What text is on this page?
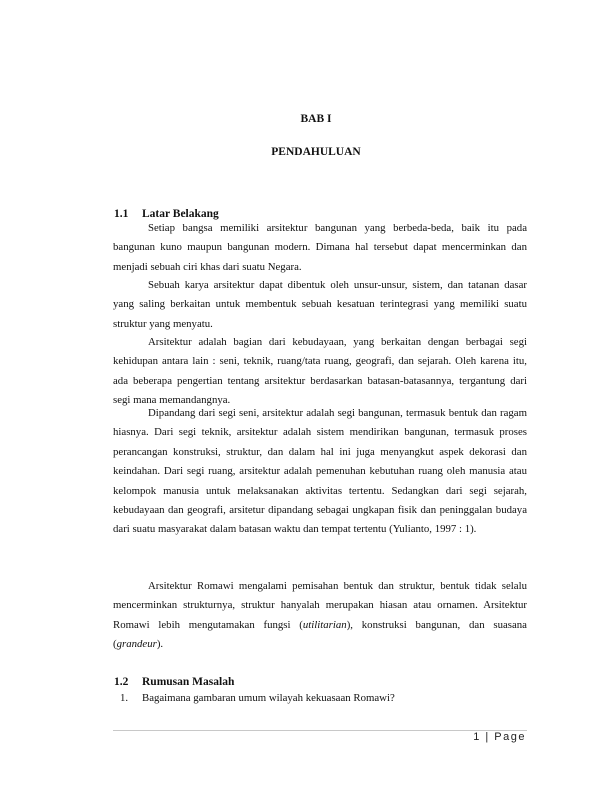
BAB I
PENDAHULUAN
1.1 Latar Belakang

Setiap bangsa memiliki arsitektur bangunan yang berbeda-beda, baik itu pada bangunan kuno maupun bangunan modern. Dimana hal tersebut dapat mencerminkan dan menjadi sebuah ciri khas dari suatu Negara.

Sebuah karya arsitektur dapat dibentuk oleh unsur-unsur, sistem, dan tatanan dasar yang saling berkaitan untuk membentuk sebuah kesatuan terintegrasi yang memiliki suatu struktur yang menyatu.

Arsitektur adalah bagian dari kebudayaan, yang berkaitan dengan berbagai segi kehidupan antara lain : seni, teknik, ruang/tata ruang, geografi, dan sejarah. Oleh karena itu, ada beberapa pengertian tentang arsitektur berdasarkan batasan-batasannya, tergantung dari segi mana memandangnya.

Dipandang dari segi seni, arsitektur adalah segi bangunan, termasuk bentuk dan ragam hiasnya. Dari segi teknik, arsitektur adalah sistem mendirikan bangunan, termasuk proses perancangan konstruksi, struktur, dan dalam hal ini juga menyangkut aspek dekorasi dan keindahan. Dari segi ruang, arsitektur adalah pemenuhan kebutuhan ruang oleh manusia atau kelompok manusia untuk melaksanakan aktivitas tertentu. Sedangkan dari segi sejarah, kebudayaan dan geografi, arsitetur dipandang sebagai ungkapan fisik dan peninggalan budaya dari suatu masyarakat dalam batasan waktu dan tempat tertentu (Yulianto, 1997 : 1).

Arsitektur Romawi mengalami pemisahan bentuk dan struktur, bentuk tidak selalu mencerminkan strukturnya, struktur hanyalah merupakan hiasan atau ornamen. Arsitektur Romawi lebih mengutamakan fungsi (utilitarian), konstruksi bangunan, dan suasana (grandeur).

1.2 Rumusan Masalah
1. Bagaimana gambaran umum wilayah kekuasaan Romawi?
1 | Page
